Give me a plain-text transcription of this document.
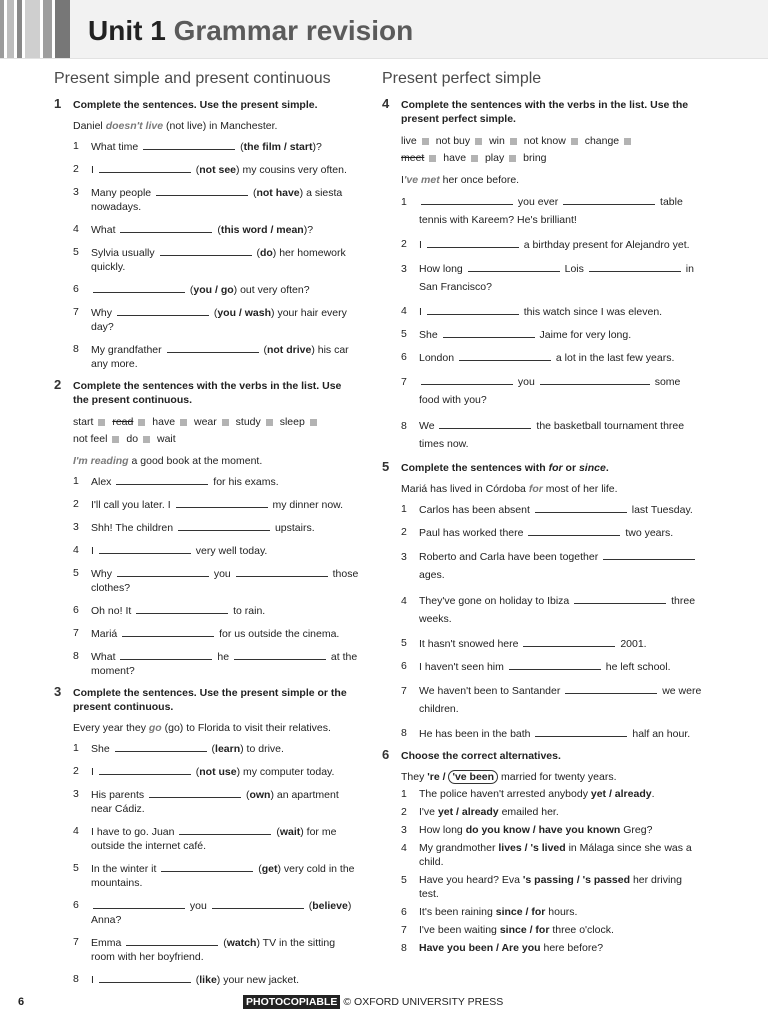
Unit 1 Grammar revision
Present simple and present continuous
1 Complete the sentences. Use the present simple.
Daniel doesn't live (not live) in Manchester.
1 What time	(the film / start)?
2 I	(not see) my cousins very often.
3 Many people	(not have) a siesta nowadays.
4 What	(this word / mean)?
5 Sylvia usually	(do) her homework quickly.
6	(you / go) out very often?
7 Why	(you / wash) your hair every day?
8 My grandfather	(not drive) his car any more.
2 Complete the sentences with the verbs in the list. Use the present continuous.
start read have wear study sleep
not feel do wait
I'm reading a good book at the moment.
1 Alex	for his exams.
2 I'll call you later. I	my dinner now.
3 Shh! The children	upstairs.
4 I	very well today.
5 Why	you	those clothes?
6 Oh no! It	to rain.
7 Mariá	for us outside the cinema.
8 What	he	at the moment?
3 Complete the sentences. Use the present simple or the present continuous.
Every year they go (go) to Florida to visit their relatives.
1 She	(learn) to drive.
2 I	(not use) my computer today.
3 His parents	(own) an apartment near Cádiz.
4 I have to go. Juan	(wait) for me outside the internet café.
5 In the winter it	(get) very cold in the mountains.
6	you	(believe) Anna?
7 Emma	(watch) TV in the sitting room with her boyfriend.
8 I	(like) your new jacket.
Present perfect simple
4 Complete the sentences with the verbs in the list. Use the present perfect simple.
live not buy win not know change
meet have play bring
I've met her once before.
1	you ever	table tennis with Kareem? He's brilliant!
2 I	a birthday present for Alejandro yet.
3 How long	Lois	in San Francisco?
4 I	this watch since I was eleven.
5 She	Jaime for very long.
6 London	a lot in the last few years.
7	you	some food with you?
8 We	the basketball tournament three times now.
5 Complete the sentences with for or since.
Mariá has lived in Córdoba for most of her life.
1 Carlos has been absent	last Tuesday.
2 Paul has worked there	two years.
3 Roberto and Carla have been together  ages.
4 They've gone on holiday to Ibiza	three weeks.
5 It hasn't snowed here	2001.
6 I haven't seen him	he left school.
7 We haven't been to Santander	we were children.
8 He has been in the bath	half an hour.
6 Choose the correct alternatives.
They 're / 've been married for twenty years.
1 The police haven't arrested anybody yet / already.
2 I've yet / already emailed her.
3 How long do you know / have you known Greg?
4 My grandmother lives / 's lived in Málaga since she was a child.
5 Have you heard? Eva 's passing / 's passed her driving test.
6 It's been raining since / for hours.
7 I've been waiting since / for three o'clock.
8 Have you been / Are you here before?
6	PHOTOCOPIABLE © OXFORD UNIVERSITY PRESS
